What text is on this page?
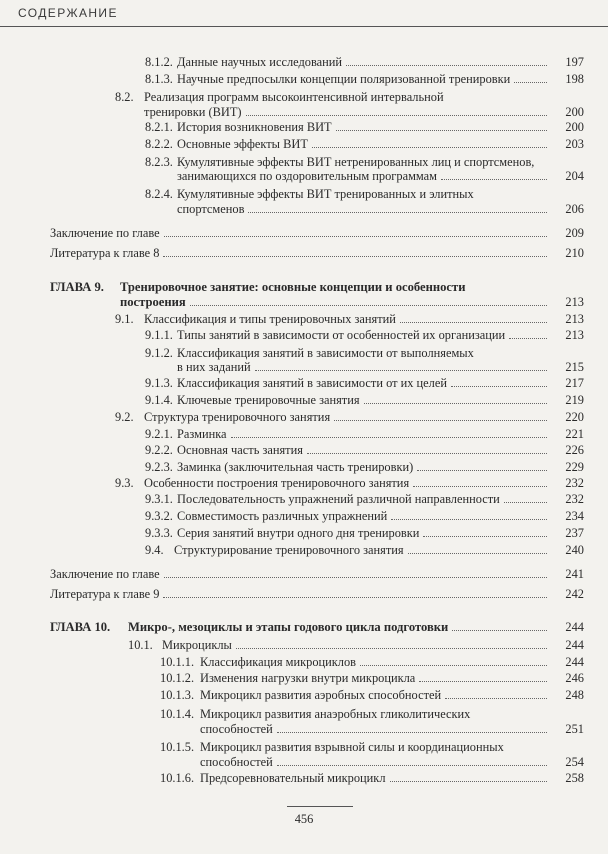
СОДЕРЖАНИЕ
8.1.2. Данные научных исследований	197
8.1.3. Научные предпосылки концепции поляризованной тренировки	198
8.2. Реализация программ высокоинтенсивной интервальной
тренировки (ВИТ)	200
8.2.1. История возникновения ВИТ	200
8.2.2. Основные эффекты ВИТ	203
8.2.3. Кумулятивные эффекты ВИТ нетренированных лиц и спортсменов,
занимающихся по оздоровительным программам	204
8.2.4. Кумулятивные эффекты ВИТ тренированных и элитных
спортсменов	206
Заключение по главе	209
Литература к главе 8	210
ГЛАВА 9. Тренировочное занятие: основные концепции и особенности
построения	213
9.1. Классификация и типы тренировочных занятий	213
9.1.1. Типы занятий в зависимости от особенностей их организации	213
9.1.2. Классификация занятий в зависимости от выполняемых
в них заданий	215
9.1.3. Классификация занятий в зависимости от их целей	217
9.1.4. Ключевые тренировочные занятия	219
9.2. Структура тренировочного занятия	220
9.2.1. Разминка	221
9.2.2. Основная часть занятия	226
9.2.3. Заминка (заключительная часть тренировки)	229
9.3. Особенности построения тренировочного занятия	232
9.3.1. Последовательность упражнений различной направленности	232
9.3.2. Совместимость различных упражнений	234
9.3.3. Серия занятий внутри одного дня тренировки	237
9.4. Структурирование тренировочного занятия	240
Заключение по главе	241
Литература к главе 9	242
ГЛАВА 10.	Микро-, мезоциклы и этапы годового цикла подготовки	244
10.1. Микроциклы	244
10.1.1. Классификация микроциклов	244
10.1.2. Изменения нагрузки внутри микроцикла	246
10.1.3. Микроцикл развития аэробных способностей	248
10.1.4. Микроцикл развития анаэробных гликолитических
способностей	251
10.1.5. Микроцикл развития взрывной силы и координационных
способностей	254
10.1.6. Предсоревновательный микроцикл	258
456
